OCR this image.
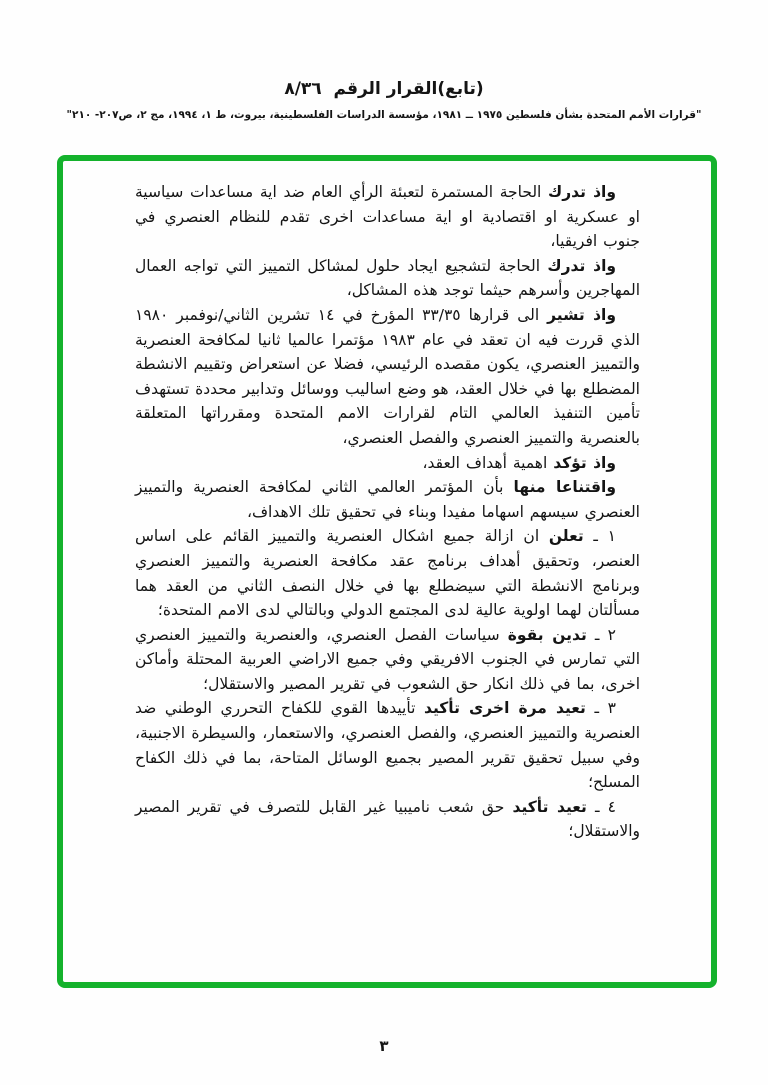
(تابع)القرار الرقم  ٨/٣٦
"قرارات الأمم المتحدة بشأن فلسطين ١٩٧٥ ــ ١٩٨١، مؤسسة الدراسات الفلسطينية، بيروت، ط ١، ١٩٩٤، مج ٢، ص٢٠٧- ٢١٠"

واذ تدرك الحاجة المستمرة لتعبئة الرأي العام ضد اية مساعدات سياسية او عسكرية او اقتصادية او اية مساعدات اخرى تقدم للنظام العنصري في جنوب افريقيا،

واذ تدرك الحاجة لتشجيع ايجاد حلول لمشاكل التمييز التي تواجه العمال المهاجرين وأسرهم حيثما توجد هذه المشاكل،

واذ تشير الى قرارها ٣٣/٣٥ المؤرخ في ١٤ تشرين الثاني/نوفمبر ١٩٨٠ الذي قررت فيه ان تعقد في عام ١٩٨٣ مؤتمرا عالميا ثانيا لمكافحة العنصرية والتمييز العنصري، يكون مقصده الرئيسي، فضلا عن استعراض وتقييم الانشطة المضطلع بها في خلال العقد، هو وضع اساليب ووسائل وتدابير محددة تستهدف تأمين التنفيذ العالمي التام لقرارات الامم المتحدة ومقرراتها المتعلقة بالعنصرية والتمييز العنصري والفصل العنصري،

واذ تؤكد اهمية أهداف العقد،

واقتناعا منها بأن المؤتمر العالمي الثاني لمكافحة العنصرية والتمييز العنصري سيسهم اسهاما مفيدا وبناء في تحقيق تلك الاهداف،

١ ـ تعلن ان ازالة جميع اشكال العنصرية والتمييز القائم على اساس العنصر، وتحقيق أهداف برنامج عقد مكافحة العنصرية والتمييز العنصري وبرنامج الانشطة التي سيضطلع بها في خلال النصف الثاني من العقد هما مسألتان لهما اولوية عالية لدى المجتمع الدولي وبالتالي لدى الامم المتحدة؛

٢ ـ تدين بقوة سياسات الفصل العنصري، والعنصرية والتمييز العنصري التي تمارس في الجنوب الافريقي وفي جميع الاراضي العربية المحتلة وأماكن اخرى، بما في ذلك انكار حق الشعوب في تقرير المصير والاستقلال؛

٣ ـ تعيد مرة اخرى تأكيد تأييدها القوي للكفاح التحرري الوطني ضد العنصرية والتمييز العنصري، والفصل العنصري، والاستعمار، والسيطرة الاجنبية، وفي سبيل تحقيق تقرير المصير بجميع الوسائل المتاحة، بما في ذلك الكفاح المسلح؛

٤ ـ تعيد تأكيد حق شعب ناميبيا غير القابل للتصرف في تقرير المصير والاستقلال؛

٣
